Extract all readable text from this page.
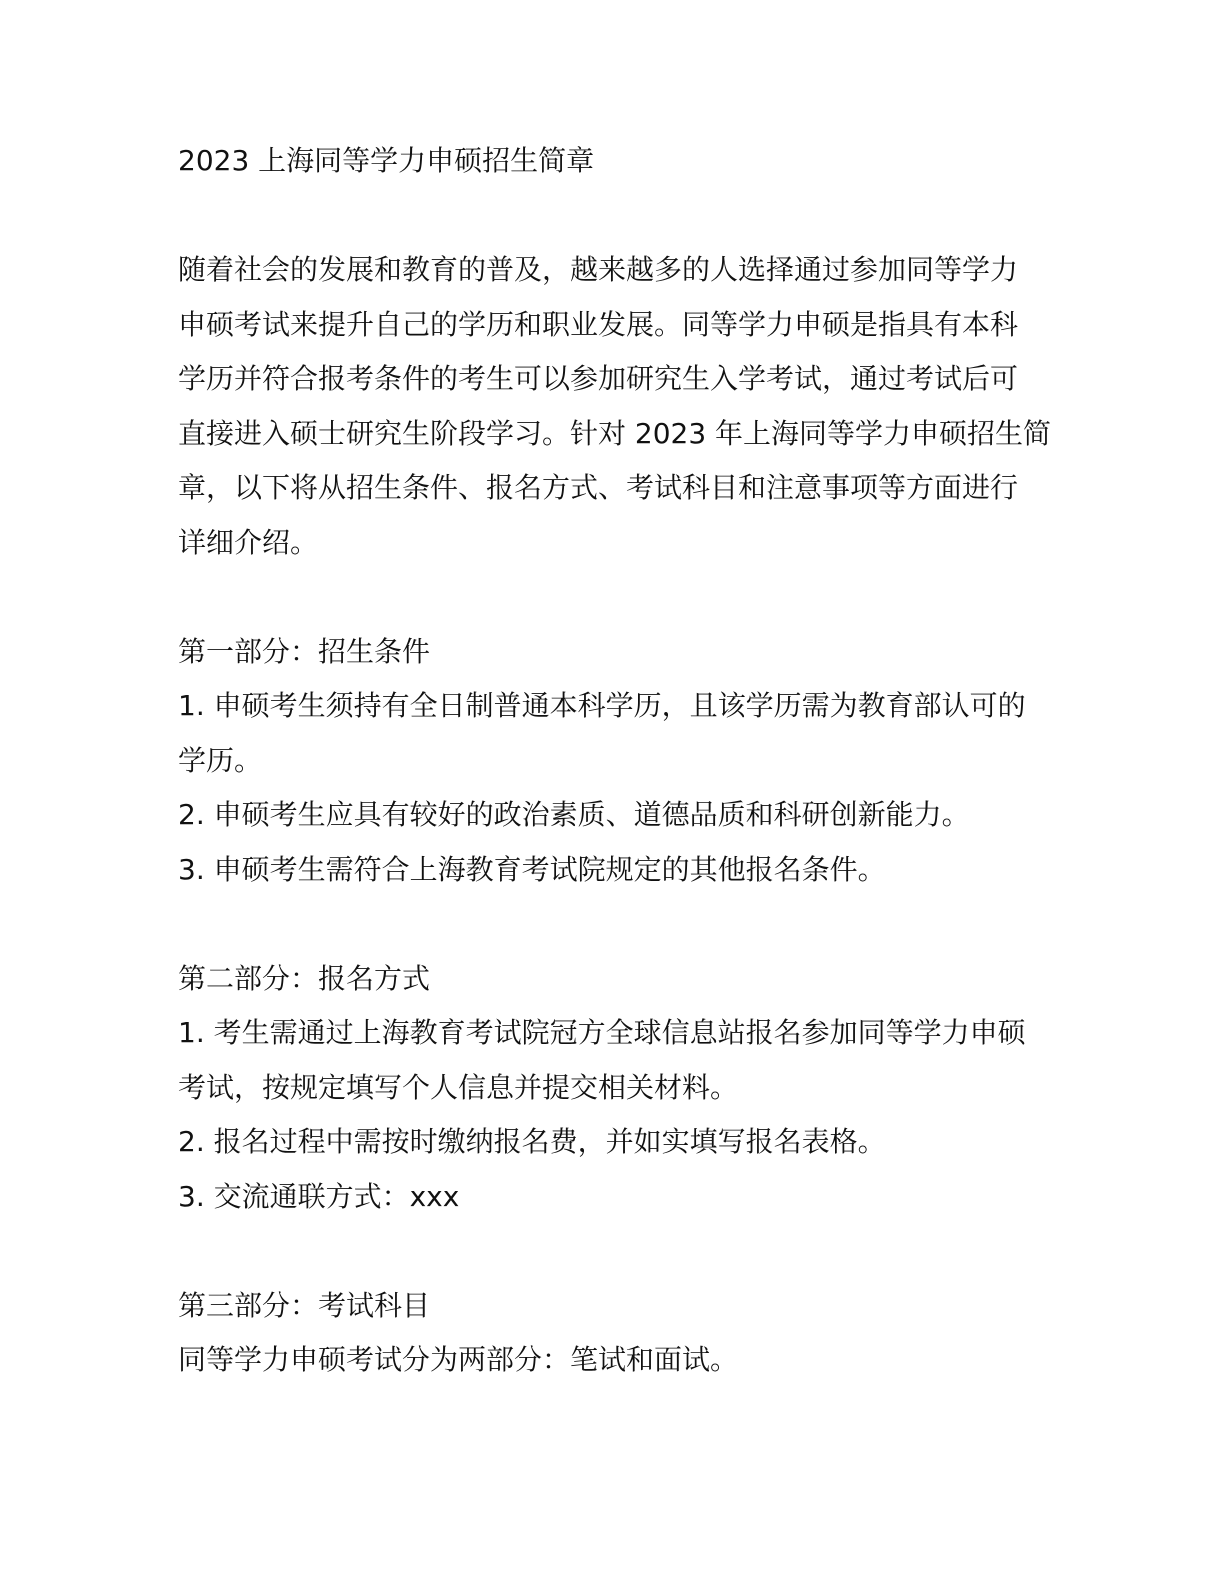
2023 上海同等学力申硕招生简章
随着社会的发展和教育的普及，越来越多的人选择通过参加同等学力
申硕考试来提升自己的学历和职业发展。同等学力申硕是指具有本科
学历并符合报考条件的考生可以参加研究生入学考试，通过考试后可
直接进入硕士研究生阶段学习。针对 2023 年上海同等学力申硕招生简
章，以下将从招生条件、报名方式、考试科目和注意事项等方面进行
详细介绍。
第一部分：招生条件
1. 申硕考生须持有全日制普通本科学历，且该学历需为教育部认可的
学历。
2. 申硕考生应具有较好的政治素质、道德品质和科研创新能力。
3. 申硕考生需符合上海教育考试院规定的其他报名条件。
第二部分：报名方式
1. 考生需通过上海教育考试院冠方全球信息站报名参加同等学力申硕
考试，按规定填写个人信息并提交相关材料。
2. 报名过程中需按时缴纳报名费，并如实填写报名表格。
3. 交流通联方式：xxx
第三部分：考试科目
同等学力申硕考试分为两部分：笔试和面试。
